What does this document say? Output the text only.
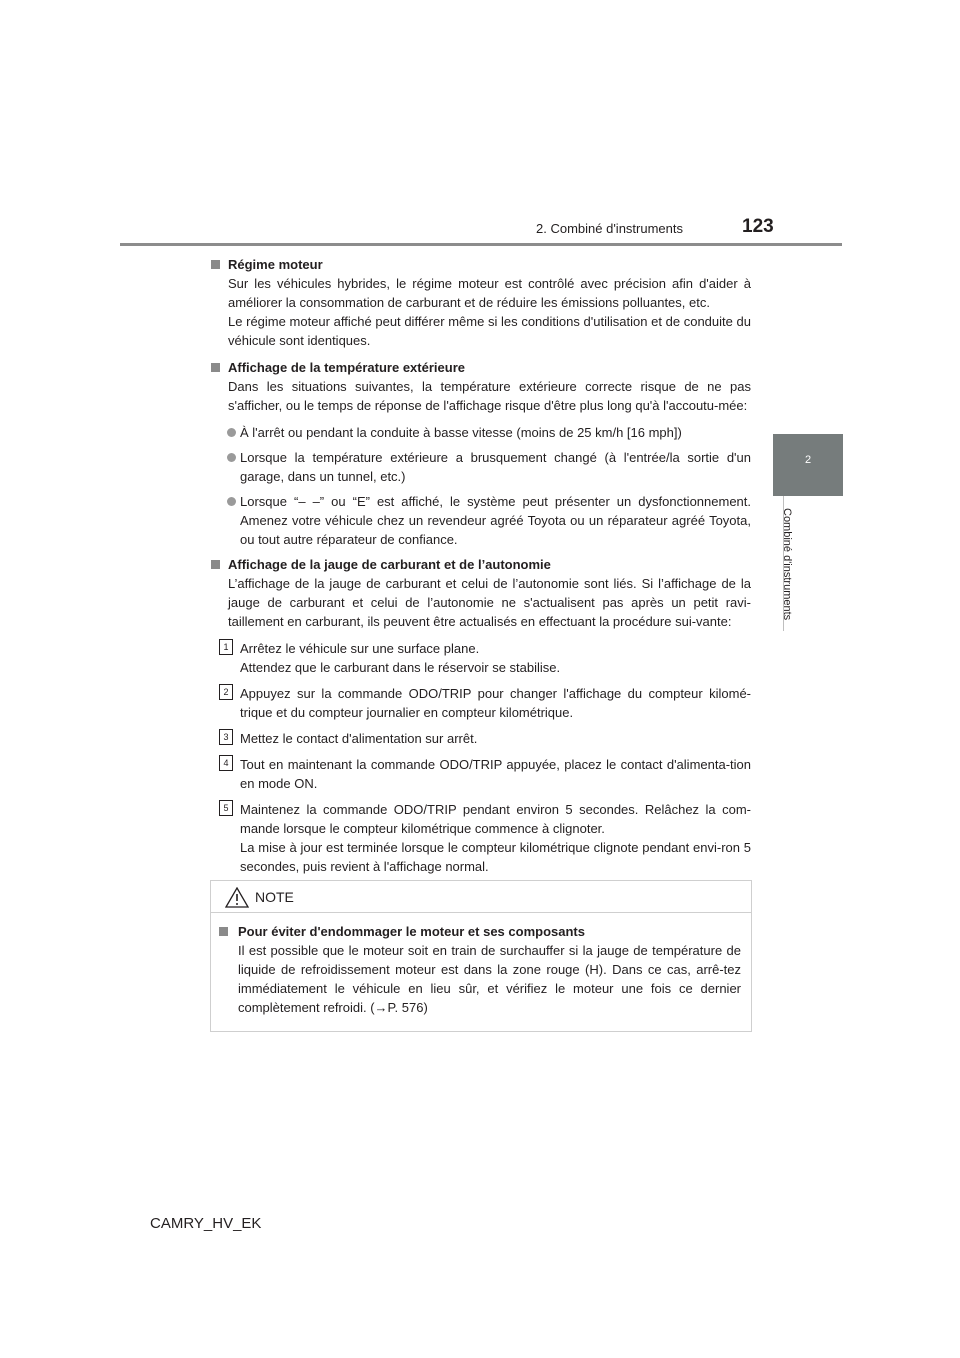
2. Combiné d'instruments	123
2
Combiné d'instruments
Régime moteur
Sur les véhicules hybrides, le régime moteur est contrôlé avec précision afin d'aider à améliorer la consommation de carburant et de réduire les émissions polluantes, etc.
Le régime moteur affiché peut différer même si les conditions d'utilisation et de conduite du véhicule sont identiques.
Affichage de la température extérieure
Dans les situations suivantes, la température extérieure correcte risque de ne pas s'afficher, ou le temps de réponse de l'affichage risque d'être plus long qu'à l'accoutu-mée:
À l'arrêt ou pendant la conduite à basse vitesse (moins de 25 km/h [16 mph])
Lorsque la température extérieure a brusquement changé (à l'entrée/la sortie d'un garage, dans un tunnel, etc.)
Lorsque “– –” ou “E” est affiché, le système peut présenter un dysfonctionnement. Amenez votre véhicule chez un revendeur agréé Toyota ou un réparateur agréé Toyota, ou tout autre réparateur de confiance.
Affichage de la jauge de carburant et de l’autonomie
L’affichage de la jauge de carburant et celui de l’autonomie sont liés. Si l’affichage de la jauge de carburant et celui de l’autonomie ne s'actualisent pas après un petit ravi-taillement en carburant, ils peuvent être actualisés en effectuant la procédure sui-vante:
1 Arrêtez le véhicule sur une surface plane.
Attendez que le carburant dans le réservoir se stabilise.
2 Appuyez sur la commande ODO/TRIP pour changer l'affichage du compteur kilomé-trique et du compteur journalier en compteur kilométrique.
3 Mettez le contact d'alimentation sur arrêt.
4 Tout en maintenant la commande ODO/TRIP appuyée, placez le contact d'alimenta-tion en mode ON.
5 Maintenez la commande ODO/TRIP pendant environ 5 secondes. Relâchez la com-mande lorsque le compteur kilométrique commence à clignoter.
La mise à jour est terminée lorsque le compteur kilométrique clignote pendant envi-ron 5 secondes, puis revient à l'affichage normal.
NOTE
Pour éviter d'endommager le moteur et ses composants
Il est possible que le moteur soit en train de surchauffer si la jauge de température de liquide de refroidissement moteur est dans la zone rouge (H). Dans ce cas, arrê-tez immédiatement le véhicule en lieu sûr, et vérifiez le moteur une fois ce dernier complètement refroidi. (→P. 576)
CAMRY_HV_EK
